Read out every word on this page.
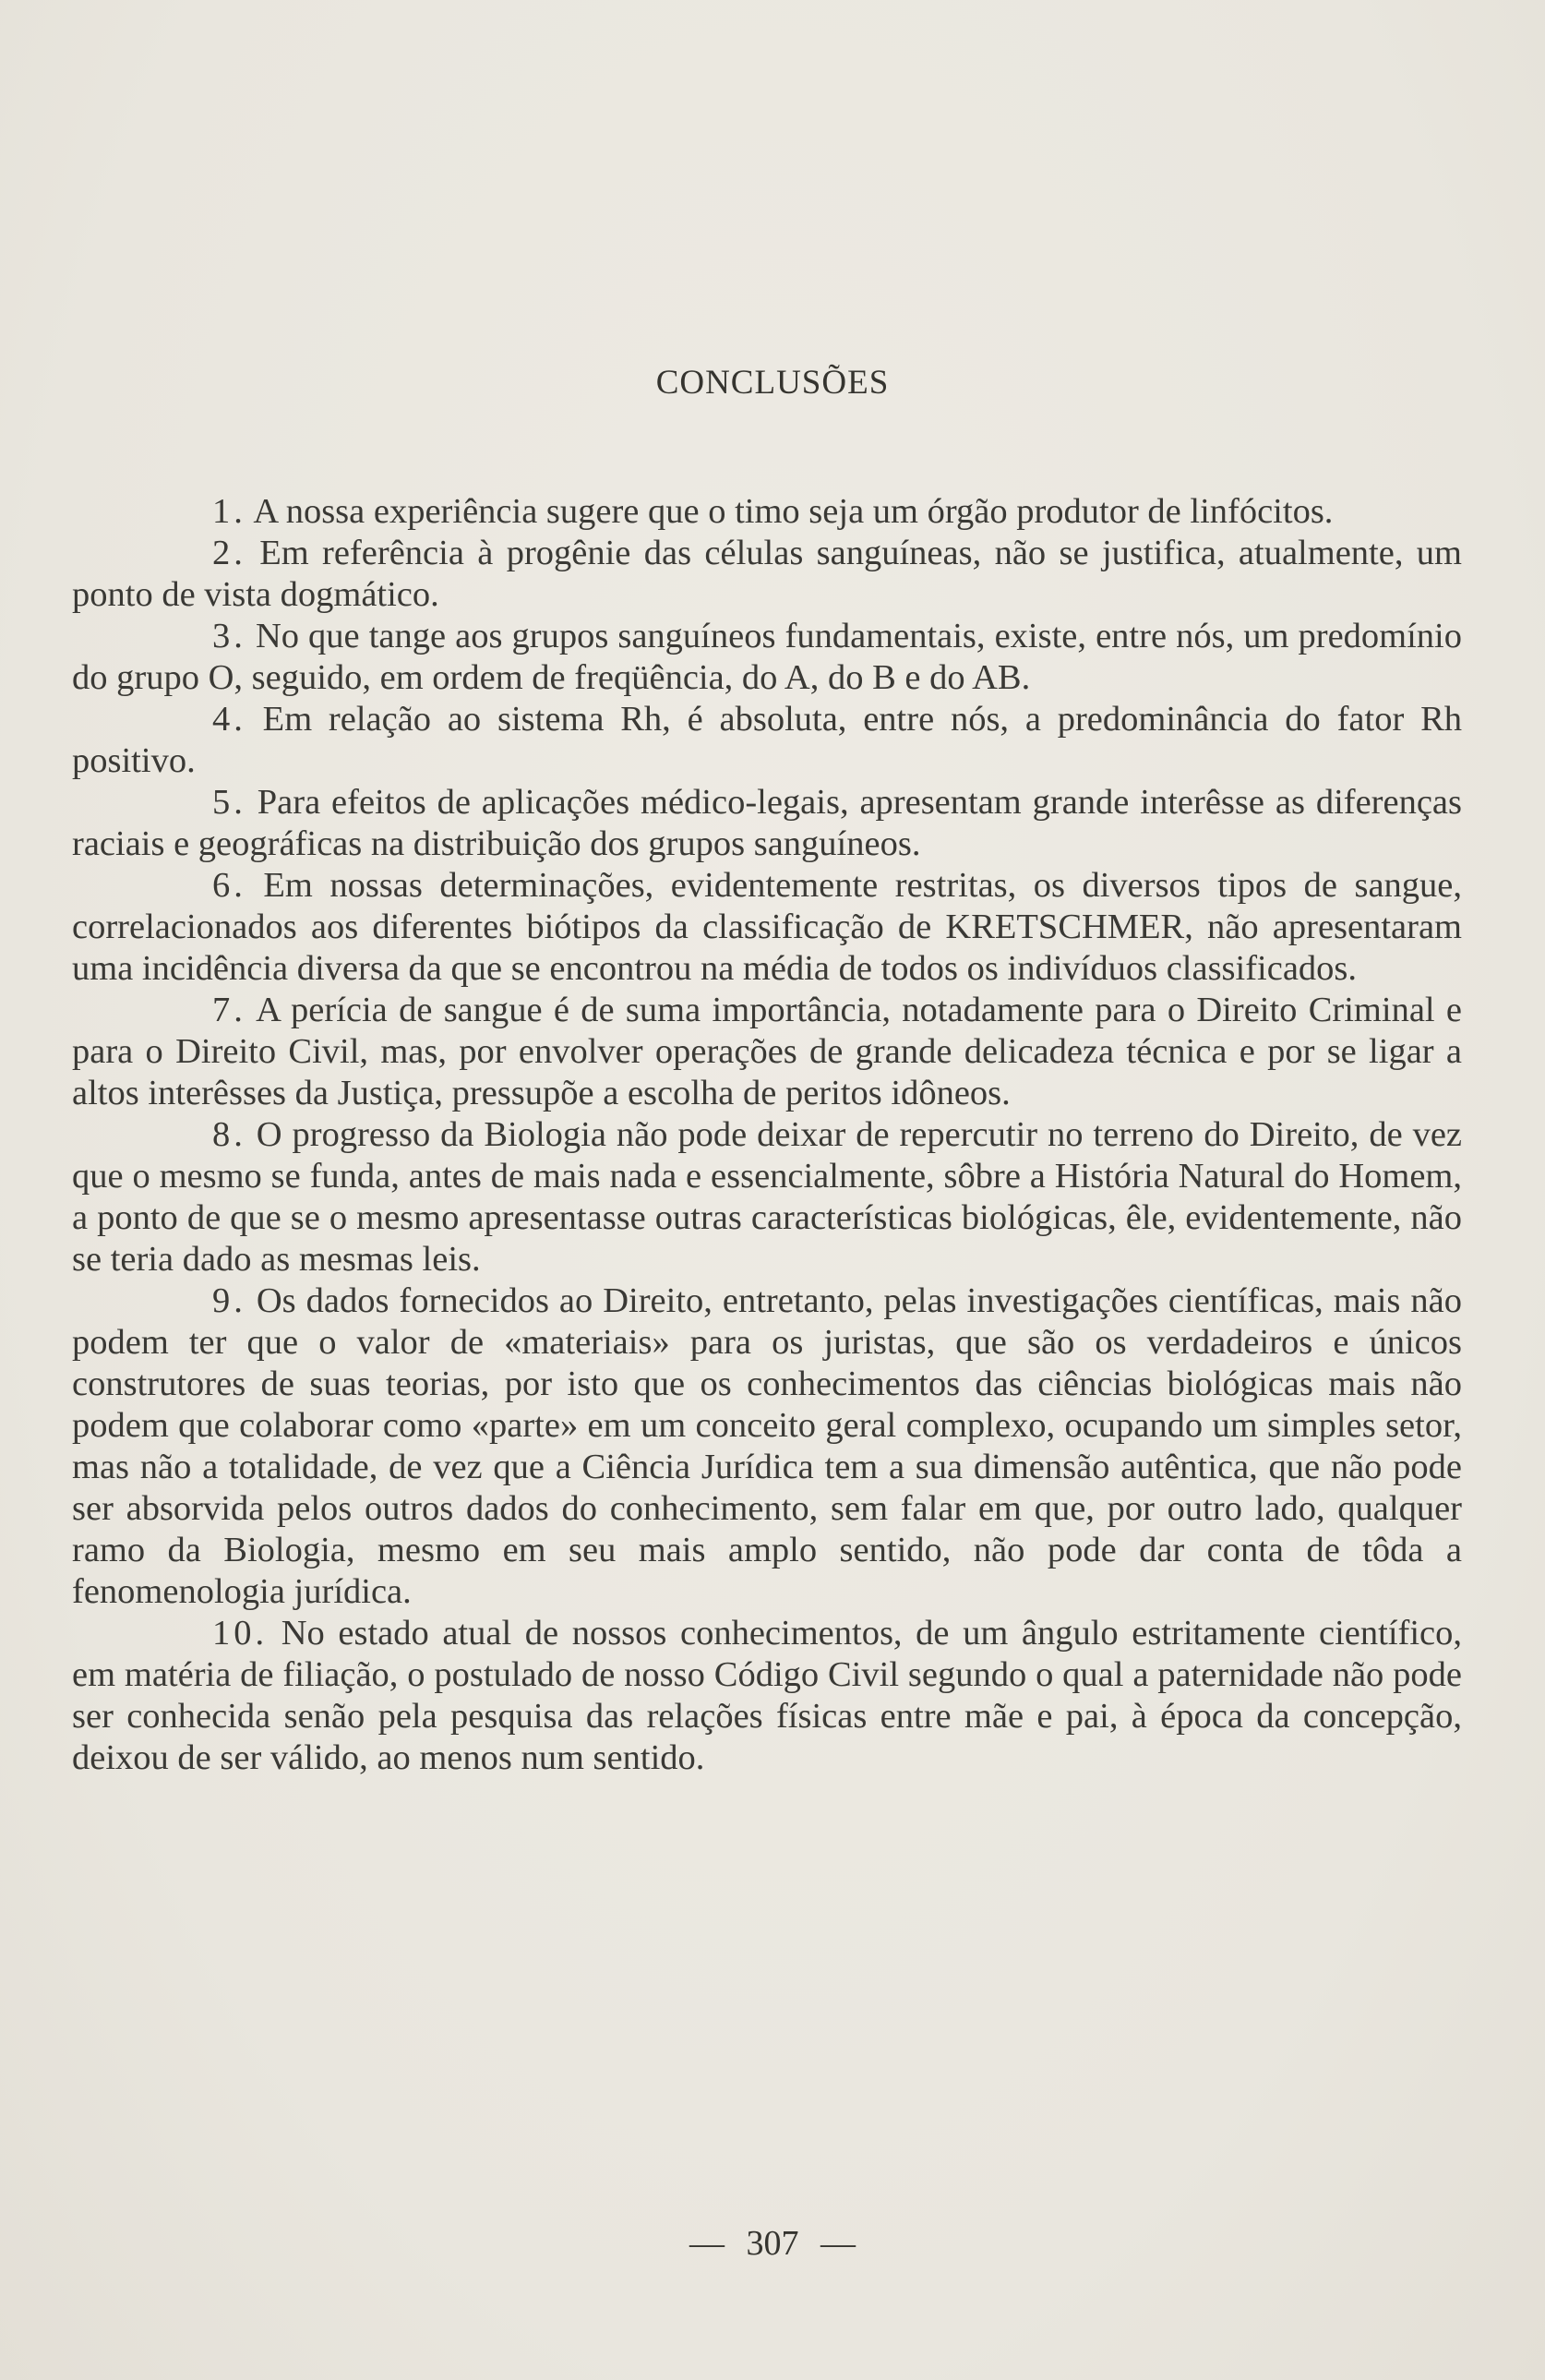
CONCLUSÕES

1. A nossa experiência sugere que o timo seja um órgão produtor de linfócitos.

2. Em referência à progênie das células sanguíneas, não se justifica, atualmente, um ponto de vista dogmático.

3. No que tange aos grupos sanguíneos fundamentais, existe, entre nós, um predomínio do grupo O, seguido, em ordem de freqüência, do A, do B e do AB.

4. Em relação ao sistema Rh, é absoluta, entre nós, a predominância do fator Rh positivo.

5. Para efeitos de aplicações médico-legais, apresentam grande interêsse as diferenças raciais e geográficas na distribuição dos grupos sanguíneos.

6. Em nossas determinações, evidentemente restritas, os diversos tipos de sangue, correlacionados aos diferentes biótipos da classificação de KRETSCHMER, não apresentaram uma incidência diversa da que se encontrou na média de todos os indivíduos classificados.

7. A perícia de sangue é de suma importância, notadamente para o Direito Criminal e para o Direito Civil, mas, por envolver operações de grande delicadeza técnica e por se ligar a altos interêsses da Justiça, pressupõe a escolha de peritos idôneos.

8. O progresso da Biologia não pode deixar de repercutir no terreno do Direito, de vez que o mesmo se funda, antes de mais nada e essencialmente, sôbre a História Natural do Homem, a ponto de que se o mesmo apresentasse outras características biológicas, êle, evidentemente, não se teria dado as mesmas leis.

9. Os dados fornecidos ao Direito, entretanto, pelas investigações científicas, mais não podem ter que o valor de «materiais» para os juristas, que são os verdadeiros e únicos construtores de suas teorias, por isto que os conhecimentos das ciências biológicas mais não podem que colaborar como «parte» em um conceito geral complexo, ocupando um simples setor, mas não a totalidade, de vez que a Ciência Jurídica tem a sua dimensão autêntica, que não pode ser absorvida pelos outros dados do conhecimento, sem falar em que, por outro lado, qualquer ramo da Biologia, mesmo em seu mais amplo sentido, não pode dar conta de tôda a fenomenologia jurídica.

10. No estado atual de nossos conhecimentos, de um ângulo estritamente científico, em matéria de filiação, o postulado de nosso Código Civil segundo o qual a paternidade não pode ser conhecida senão pela pesquisa das relações físicas entre mãe e pai, à época da concepção, deixou de ser válido, ao menos num sentido.

— 307 —
